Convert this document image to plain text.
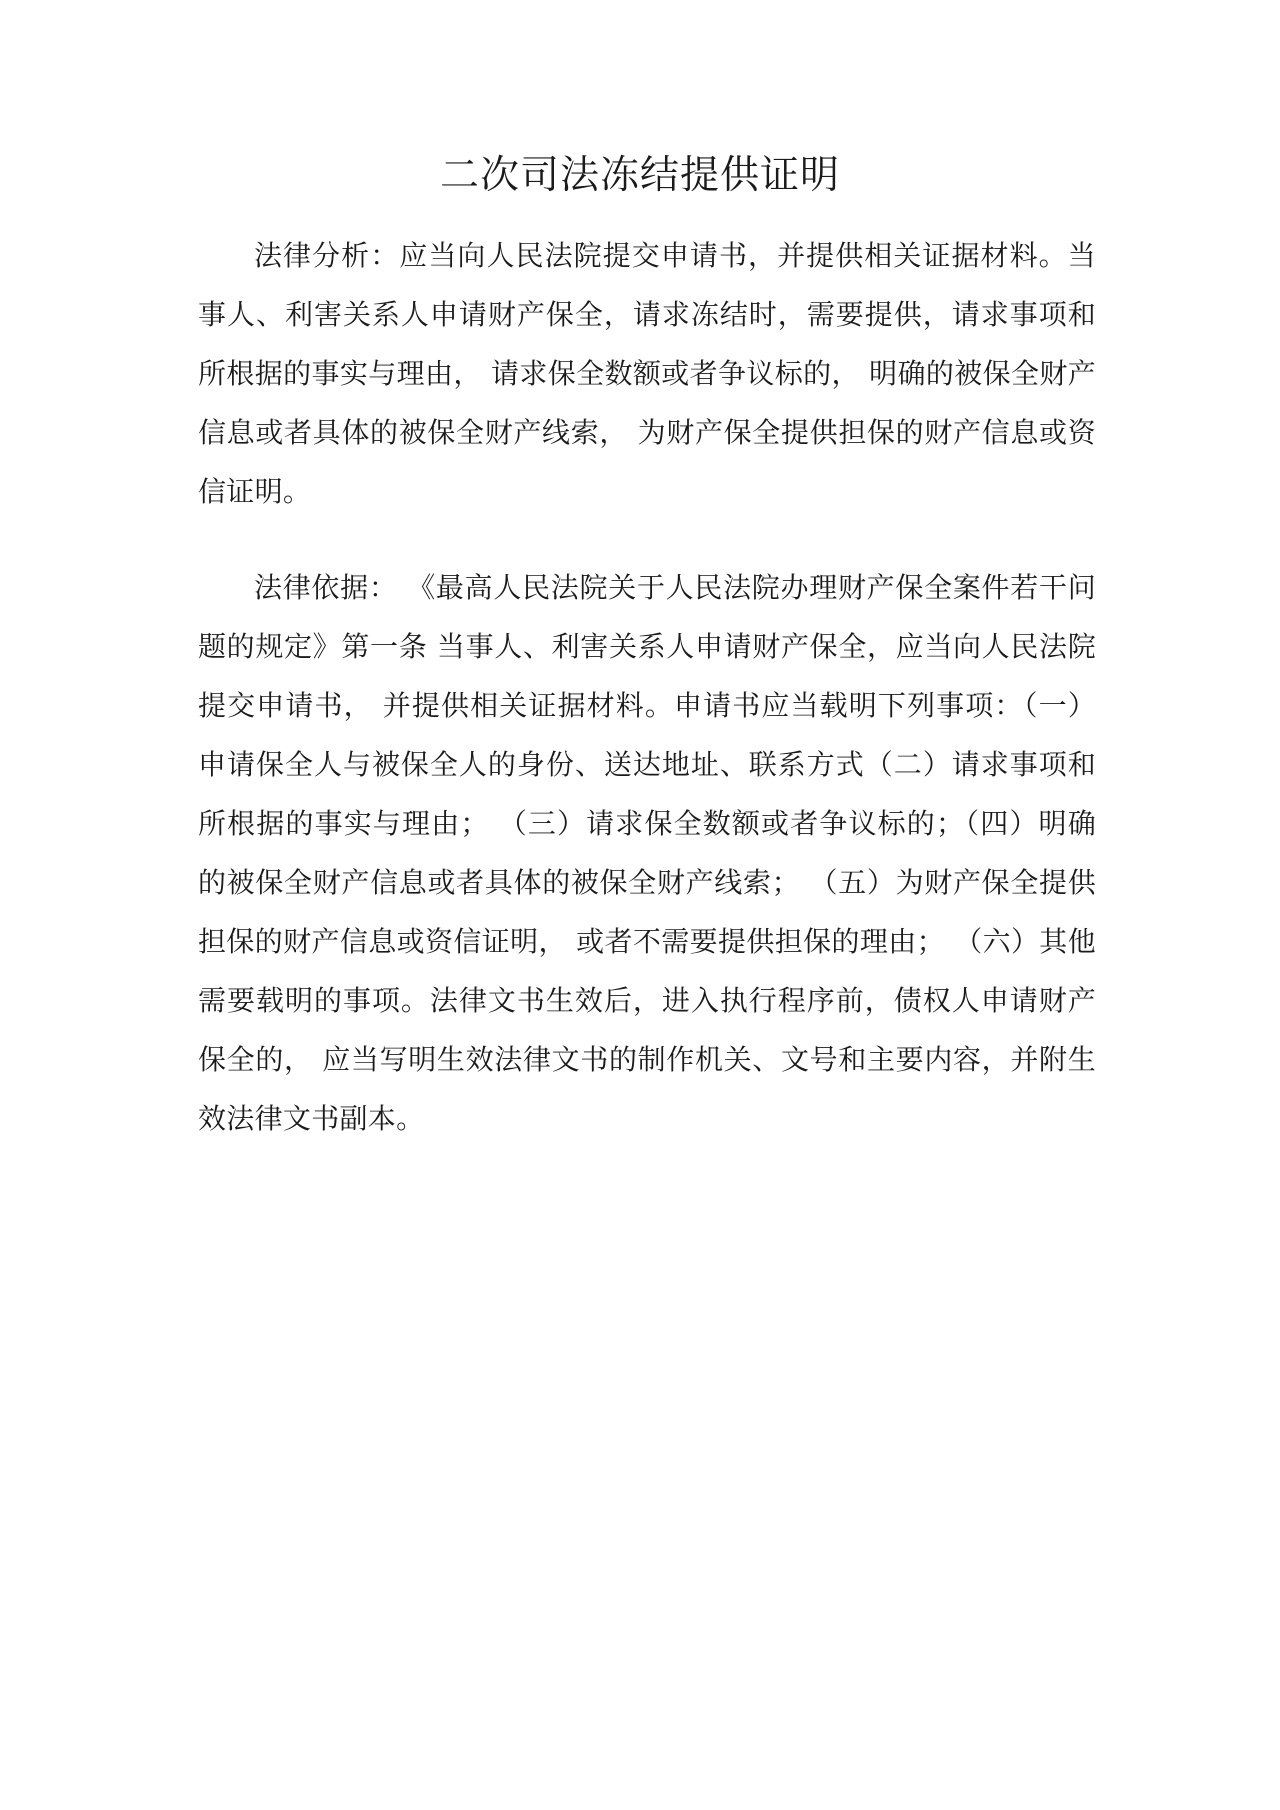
二次司法冻结提供证明

法律分析：应当向人民法院提交申请书，并提供相关证据材料。当事人、利害关系人申请财产保全，请求冻结时，需要提供，请求事项和所根据的事实与理由， 请求保全数额或者争议标的， 明确的被保全财产信息或者具体的被保全财产线索， 为财产保全提供担保的财产信息或资信证明。

法律依据： 《最高人民法院关于人民法院办理财产保全案件若干问题的规定》第一条 当事人、利害关系人申请财产保全，应当向人民法院提交申请书， 并提供相关证据材料。申请书应当载明下列事项：（一）申请保全人与被保全人的身份、送达地址、联系方式（二）请求事项和所根据的事实与理由； （三）请求保全数额或者争议标的；（四）明确的被保全财产信息或者具体的被保全财产线索； （五）为财产保全提供担保的财产信息或资信证明， 或者不需要提供担保的理由； （六）其他需要载明的事项。法律文书生效后，进入执行程序前，债权人申请财产保全的， 应当写明生效法律文书的制作机关、文号和主要内容，并附生效法律文书副本。
